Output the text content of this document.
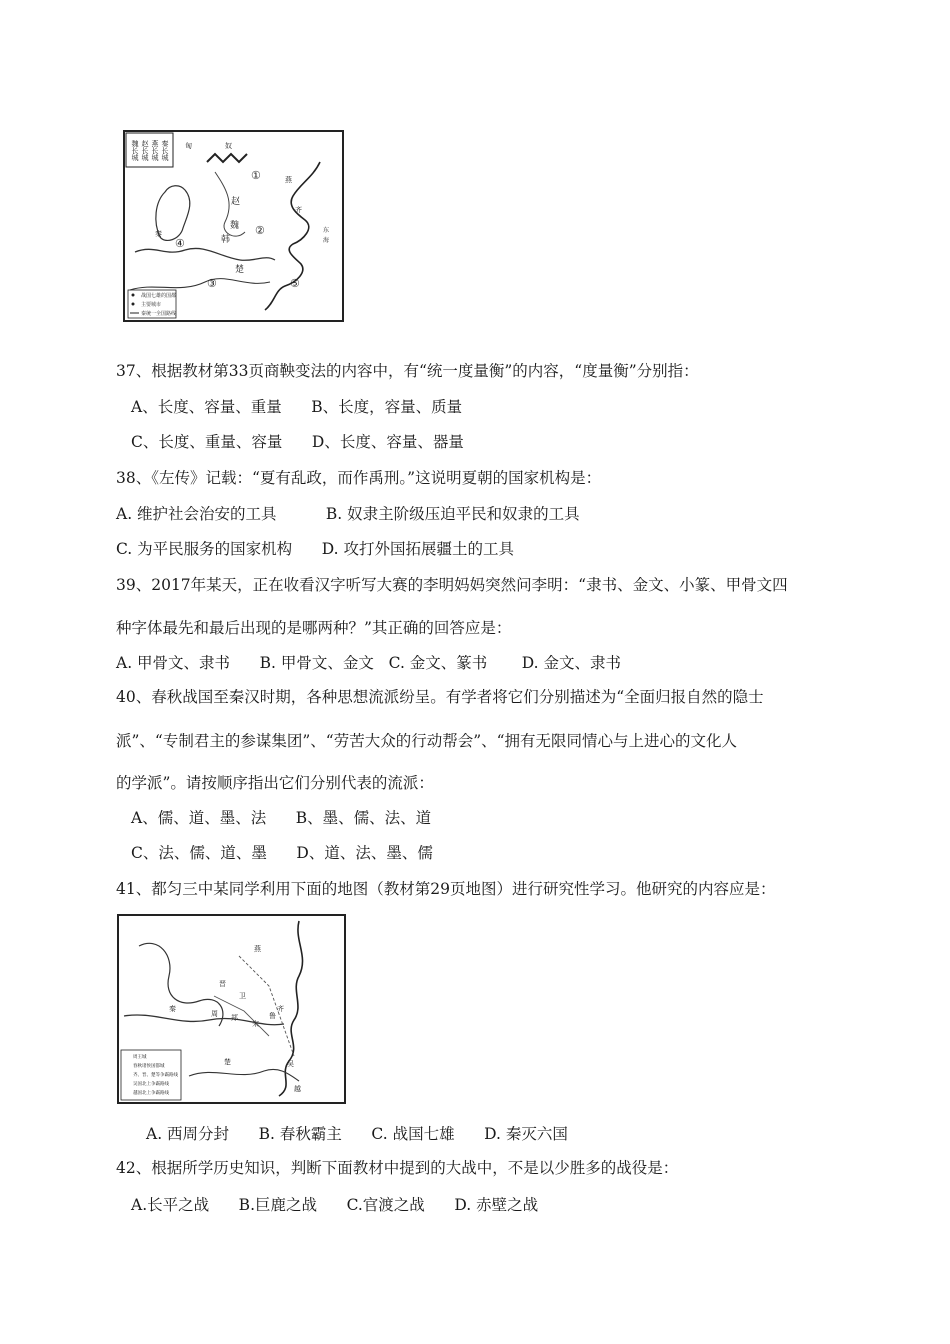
①
②
③
④
⑤
匈	奴
燕
赵
韩
齐
魏
秦
楚
东
海
战国七雄的国都
主要城市
秦统一全国路线
秦长城
燕长城
赵长城
魏长城
37、根据教材第33页商鞅变法的内容中，有“统一度量衡”的内容，“度量衡”分别指：
A、长度、容量、重量      B、长度，容量、质量
C、长度、重量、容量      D、长度、容量、器量
38、《左传》记载：“夏有乱政，而作禹刑。”这说明夏朝的国家机构是：
A. 维护社会治安的工具          B. 奴隶主阶级压迫平民和奴隶的工具
C. 为平民服务的国家机构      D. 攻打外国拓展疆土的工具
39、2017年某天，正在收看汉字听写大赛的李明妈妈突然问李明：“隶书、金文、小篆、甲骨文四
种字体最先和最后出现的是哪两种？”其正确的回答应是：
A. 甲骨文、隶书      B. 甲骨文、金文   C. 金文、篆书       D. 金文、隶书
40、春秋战国至秦汉时期，各种思想流派纷呈。有学者将它们分别描述为“全面归报自然的隐士
派”、“专制君主的参谋集团”、“劳苦大众的行动帮会”、“拥有无限同情心与上进心的文化人
的学派”。请按顺序指出它们分别代表的流派：
A、儒、道、墨、法      B、墨、儒、法、道
C、法、儒、道、墨      D、道、法、墨、儒
41、都匀三中某同学利用下面的地图（教材第29页地图）进行研究性学习。他研究的内容应是：
燕
齐
晋
宋
楚	吴
越
秦
周 郑
卫
鲁
周王城
春秋诸侯国都城
齐、晋、楚等争霸路线
吴国北上争霸路线
越国北上争霸路线
A. 西周分封      B. 春秋霸主      C. 战国七雄      D. 秦灭六国
42、根据所学历史知识，判断下面教材中提到的大战中，不是以少胜多的战役是：
A.长平之战      B.巨鹿之战      C.官渡之战      D. 赤壁之战
